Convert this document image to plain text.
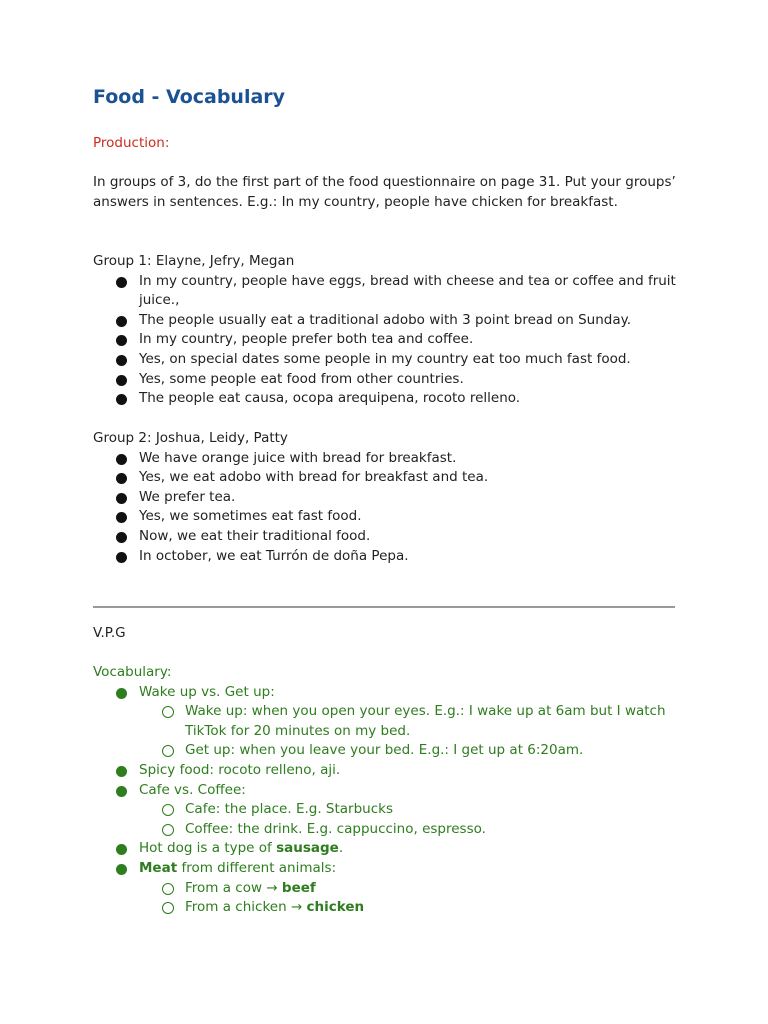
Food - Vocabulary
Production:
In groups of 3, do the first part of the food questionnaire on page 31. Put your groups’ answers in sentences. E.g.: In my country, people have chicken for breakfast.
Group 1: Elayne, Jefry, Megan
In my country, people have eggs, bread with cheese and tea or coffee and fruit juice.,
The people usually eat a traditional adobo with 3 point bread on Sunday.
In my country, people prefer both tea and coffee.
Yes, on special dates some people in my country eat too much fast food.
Yes, some people eat food from other countries.
The people eat causa, ocopa arequipena, rocoto relleno.
Group 2: Joshua, Leidy, Patty
We have orange juice with bread for breakfast.
Yes, we eat adobo with bread for breakfast and tea.
We prefer tea.
Yes, we sometimes eat fast food.
Now, we eat their traditional food.
In october, we eat Turrón de doña Pepa.
V.P.G
Vocabulary:
Wake up vs. Get up:
Wake up: when you open your eyes. E.g.: I wake up at 6am but I watch TikTok for 20 minutes on my bed.
Get up: when you leave your bed. E.g.: I get up at 6:20am.
Spicy food: rocoto relleno, aji.
Cafe vs. Coffee:
Cafe: the place. E.g. Starbucks
Coffee: the drink. E.g. cappuccino, espresso.
Hot dog is a type of sausage.
Meat from different animals:
From a cow → beef
From a chicken → chicken
